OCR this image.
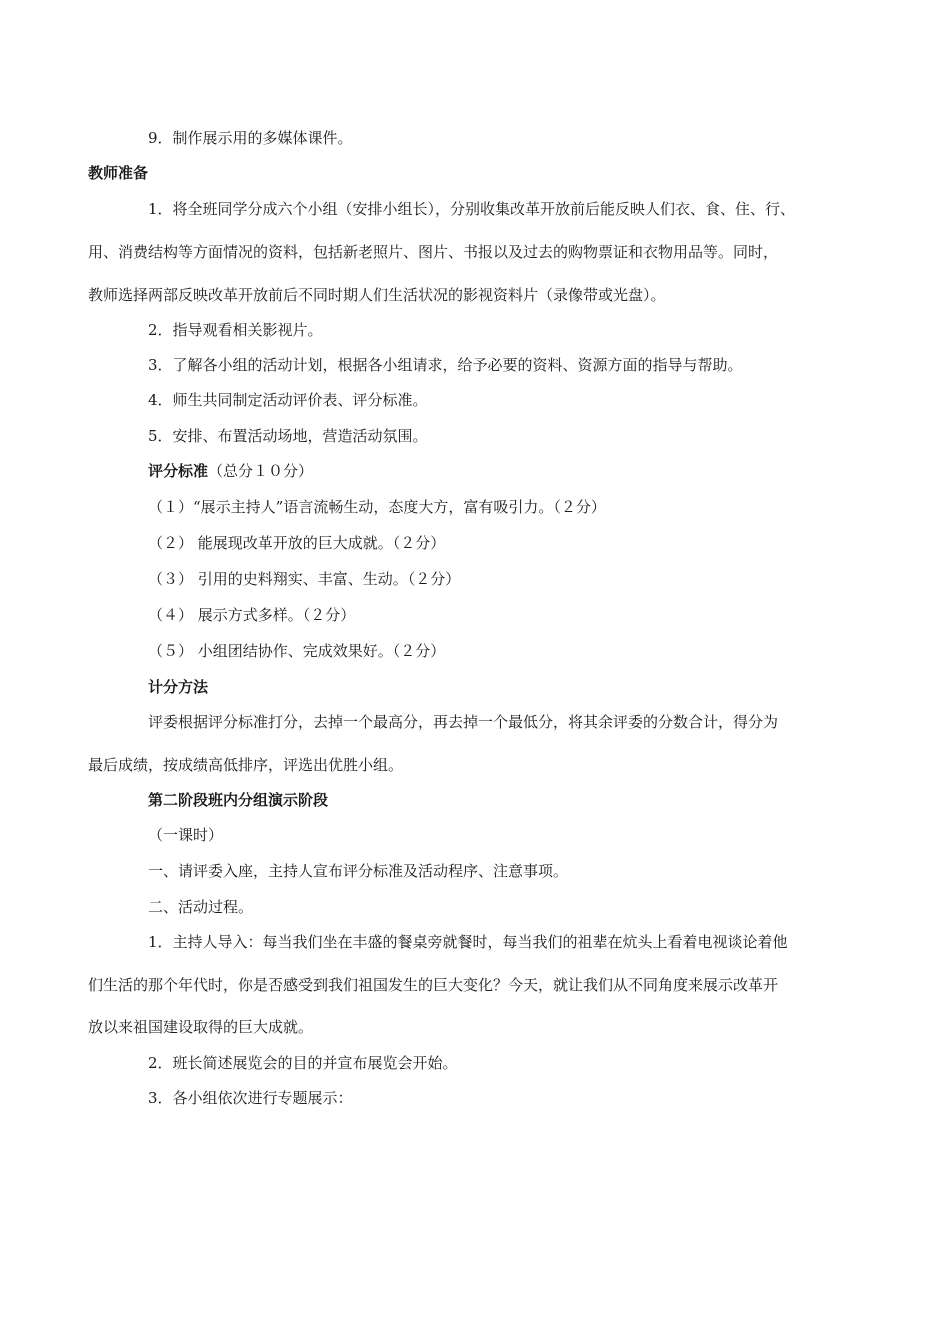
9．制作展示用的多媒体课件。
教师准备
1．将全班同学分成六个小组（安排小组长），分别收集改革开放前后能反映人们衣、食、住、行、
用、消费结构等方面情况的资料，包括新老照片、图片、书报以及过去的购物票证和衣物用品等。同时，
教师选择两部反映改革开放前后不同时期人们生活状况的影视资料片（录像带或光盘）。
2．指导观看相关影视片。
3．了解各小组的活动计划，根据各小组请求，给予必要的资料、资源方面的指导与帮助。
4．师生共同制定活动评价表、评分标准。
5．安排、布置活动场地，营造活动氛围。
评分标准（总分１０分）
（１）“展示主持人”语言流畅生动，态度大方，富有吸引力。（２分）
（２） 能展现改革开放的巨大成就。（２分）
（３） 引用的史料翔实、丰富、生动。（２分）
（４） 展示方式多样。（２分）
（５） 小组团结协作、完成效果好。（２分）
计分方法
评委根据评分标准打分，去掉一个最高分，再去掉一个最低分，将其余评委的分数合计，得分为
最后成绩，按成绩高低排序，评选出优胜小组。
第二阶段班内分组演示阶段
（一课时）
一、请评委入座，主持人宣布评分标准及活动程序、注意事项。
二、活动过程。
1．主持人导入：每当我们坐在丰盛的餐桌旁就餐时，每当我们的祖辈在炕头上看着电视谈论着他
们生活的那个年代时，你是否感受到我们祖国发生的巨大变化？今天，就让我们从不同角度来展示改革开
放以来祖国建设取得的巨大成就。
2．班长简述展览会的目的并宣布展览会开始。
3．各小组依次进行专题展示：
